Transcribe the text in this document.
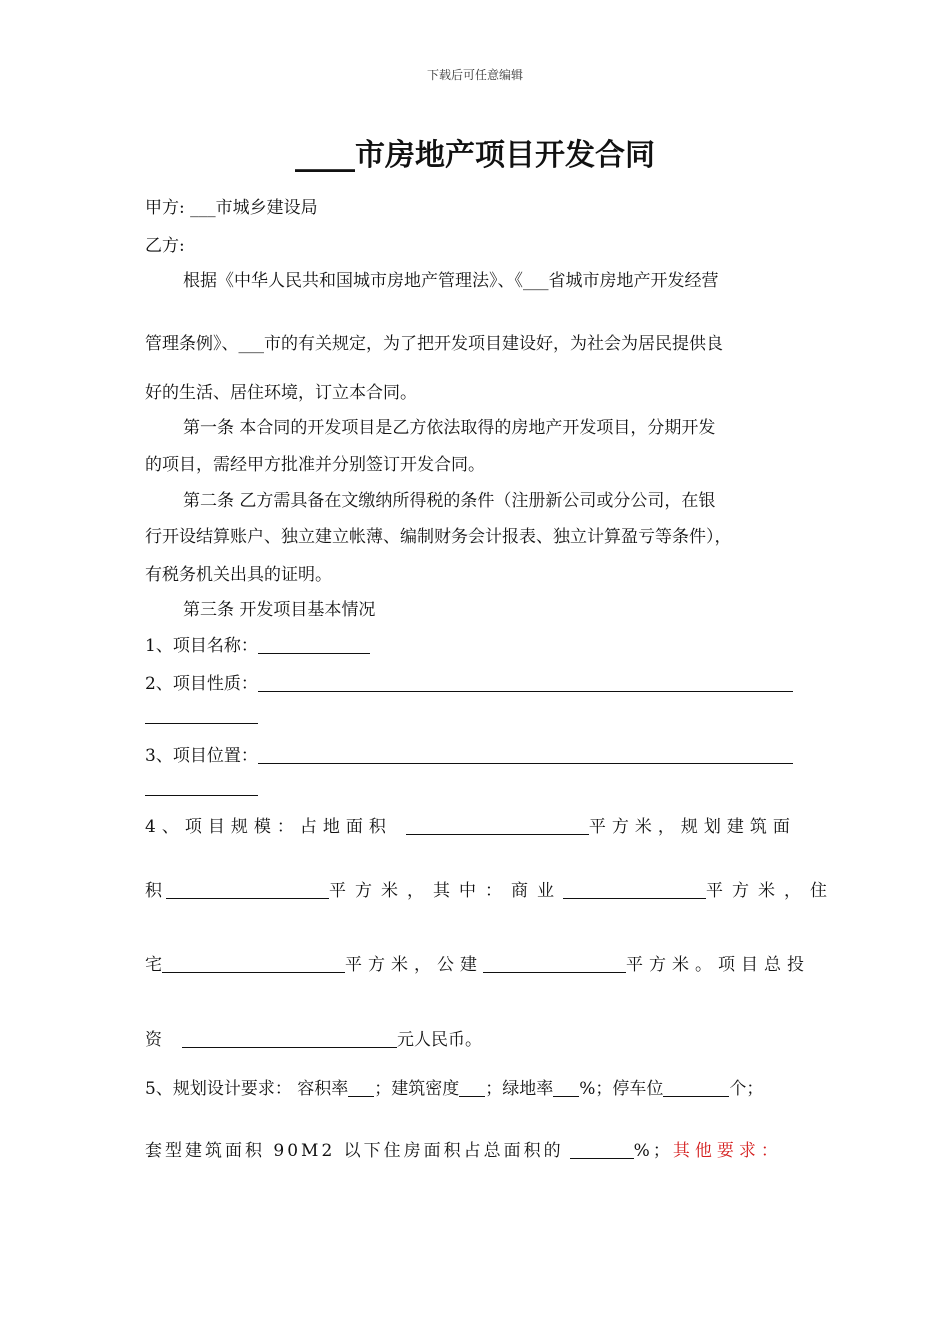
下载后可任意编辑
____市房地产项目开发合同
甲方: ___市城乡建设局
乙方:
根据《中华人民共和国城市房地产管理法》、《___省城市房地产开发经营
管理条例》、___市的有关规定，为了把开发项目建设好，为社会为居民提供良
好的生活、居住环境，订立本合同。
第一条 本合同的开发项目是乙方依法取得的房地产开发项目，分期开发
的项目，需经甲方批准并分别签订开发合同。
第二条 乙方需具备在文缴纳所得税的条件（注册新公司或分公司，在银
行开设结算账户、独立建立帐薄、编制财务会计报表、独立计算盈亏等条件），
有税务机关出具的证明。
第三条 开发项目基本情况
1、项目名称：
2、项目性质：
3、项目位置：
4、项目规模：占地面积	平方米，规划建筑面
积	平方米，其中：商业	平方米，住
宅	平方米，公建	平方米。项目总投
资	元人民币。
5、规划设计要求： 容积率 ；建筑密度 ；绿地率 %；停车位	个；
套型建筑面积 90M2 以下住房面积占总面积的	%；其他要求：
